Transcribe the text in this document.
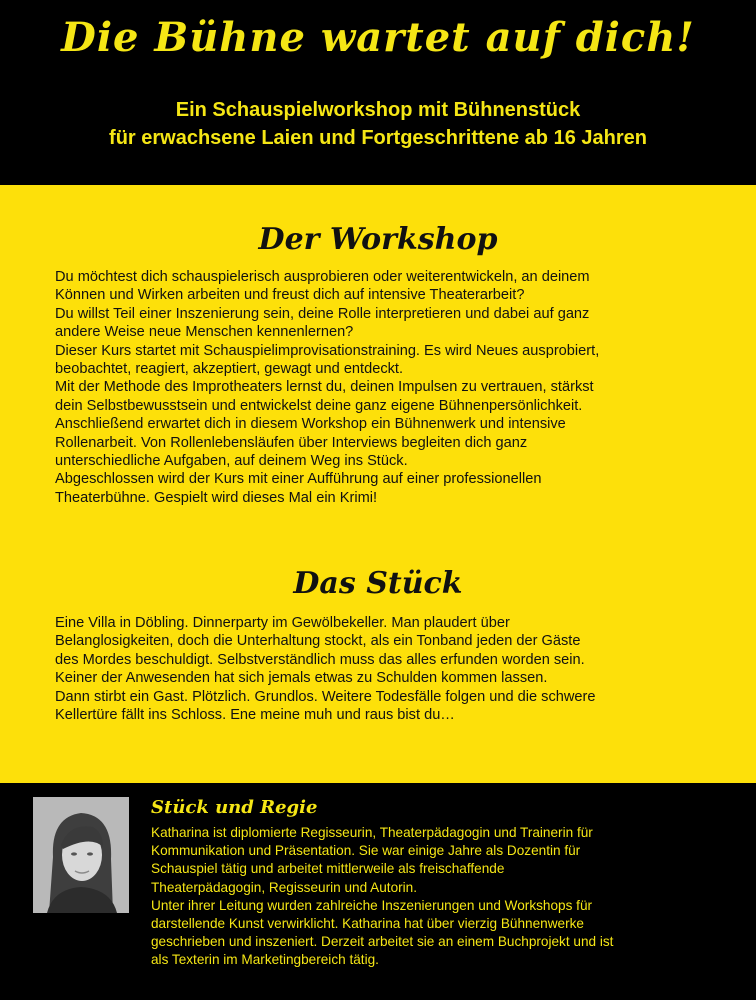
Die Bühne wartet auf dich!
Ein Schauspielworkshop mit Bühnenstück
für erwachsene Laien und Fortgeschrittene ab 16 Jahren
Der Workshop

Du möchtest dich schauspielerisch ausprobieren oder weiterentwickeln, an deinem

Können und Wirken arbeiten und freust dich auf intensive Theaterarbeit?

Du willst Teil einer Inszenierung sein, deine Rolle interpretieren und dabei auf ganz

andere Weise neue Menschen kennenlernen?

Dieser Kurs startet mit Schauspielimprovisationstraining. Es wird Neues ausprobiert,

beobachtet, reagiert, akzeptiert, gewagt und entdeckt.

Mit der Methode des Improtheaters lernst du, deinen Impulsen zu vertrauen, stärkst

dein Selbstbewusstsein und entwickelst deine ganz eigene Bühnenpersönlichkeit.

Anschließend erwartet dich in diesem Workshop ein Bühnenwerk und intensive

Rollenarbeit. Von Rollenlebensläufen über Interviews begleiten dich ganz

unterschiedliche Aufgaben, auf deinem Weg ins Stück.

Abgeschlossen wird der Kurs mit einer Aufführung auf einer professionellen

Theaterbühne. Gespielt wird dieses Mal ein Krimi!

Das Stück

Eine Villa in Döbling. Dinnerparty im Gewölbekeller. Man plaudert über

Belanglosigkeiten, doch die Unterhaltung stockt, als ein Tonband jeden der Gäste

des Mordes beschuldigt. Selbstverständlich muss das alles erfunden worden sein.

Keiner der Anwesenden hat sich jemals etwas zu Schulden kommen lassen.

Dann stirbt ein Gast. Plötzlich. Grundlos. Weitere Todesfälle folgen und die schwere

Kellertüre fällt ins Schloss. Ene meine muh und raus bist du…

Stück und Regie

Katharina ist diplomierte Regisseurin, Theaterpädagogin und Trainerin für

Kommunikation und Präsentation. Sie war einige Jahre als Dozentin für

Schauspiel tätig und arbeitet mittlerweile als freischaffende

Theaterpädagogin, Regisseurin und Autorin.

Unter ihrer Leitung wurden zahlreiche Inszenierungen und Workshops für

darstellende Kunst verwirklicht. Katharina hat über vierzig Bühnenwerke

geschrieben und inszeniert. Derzeit arbeitet sie an einem Buchprojekt und ist

als Texterin im Marketingbereich tätig.
